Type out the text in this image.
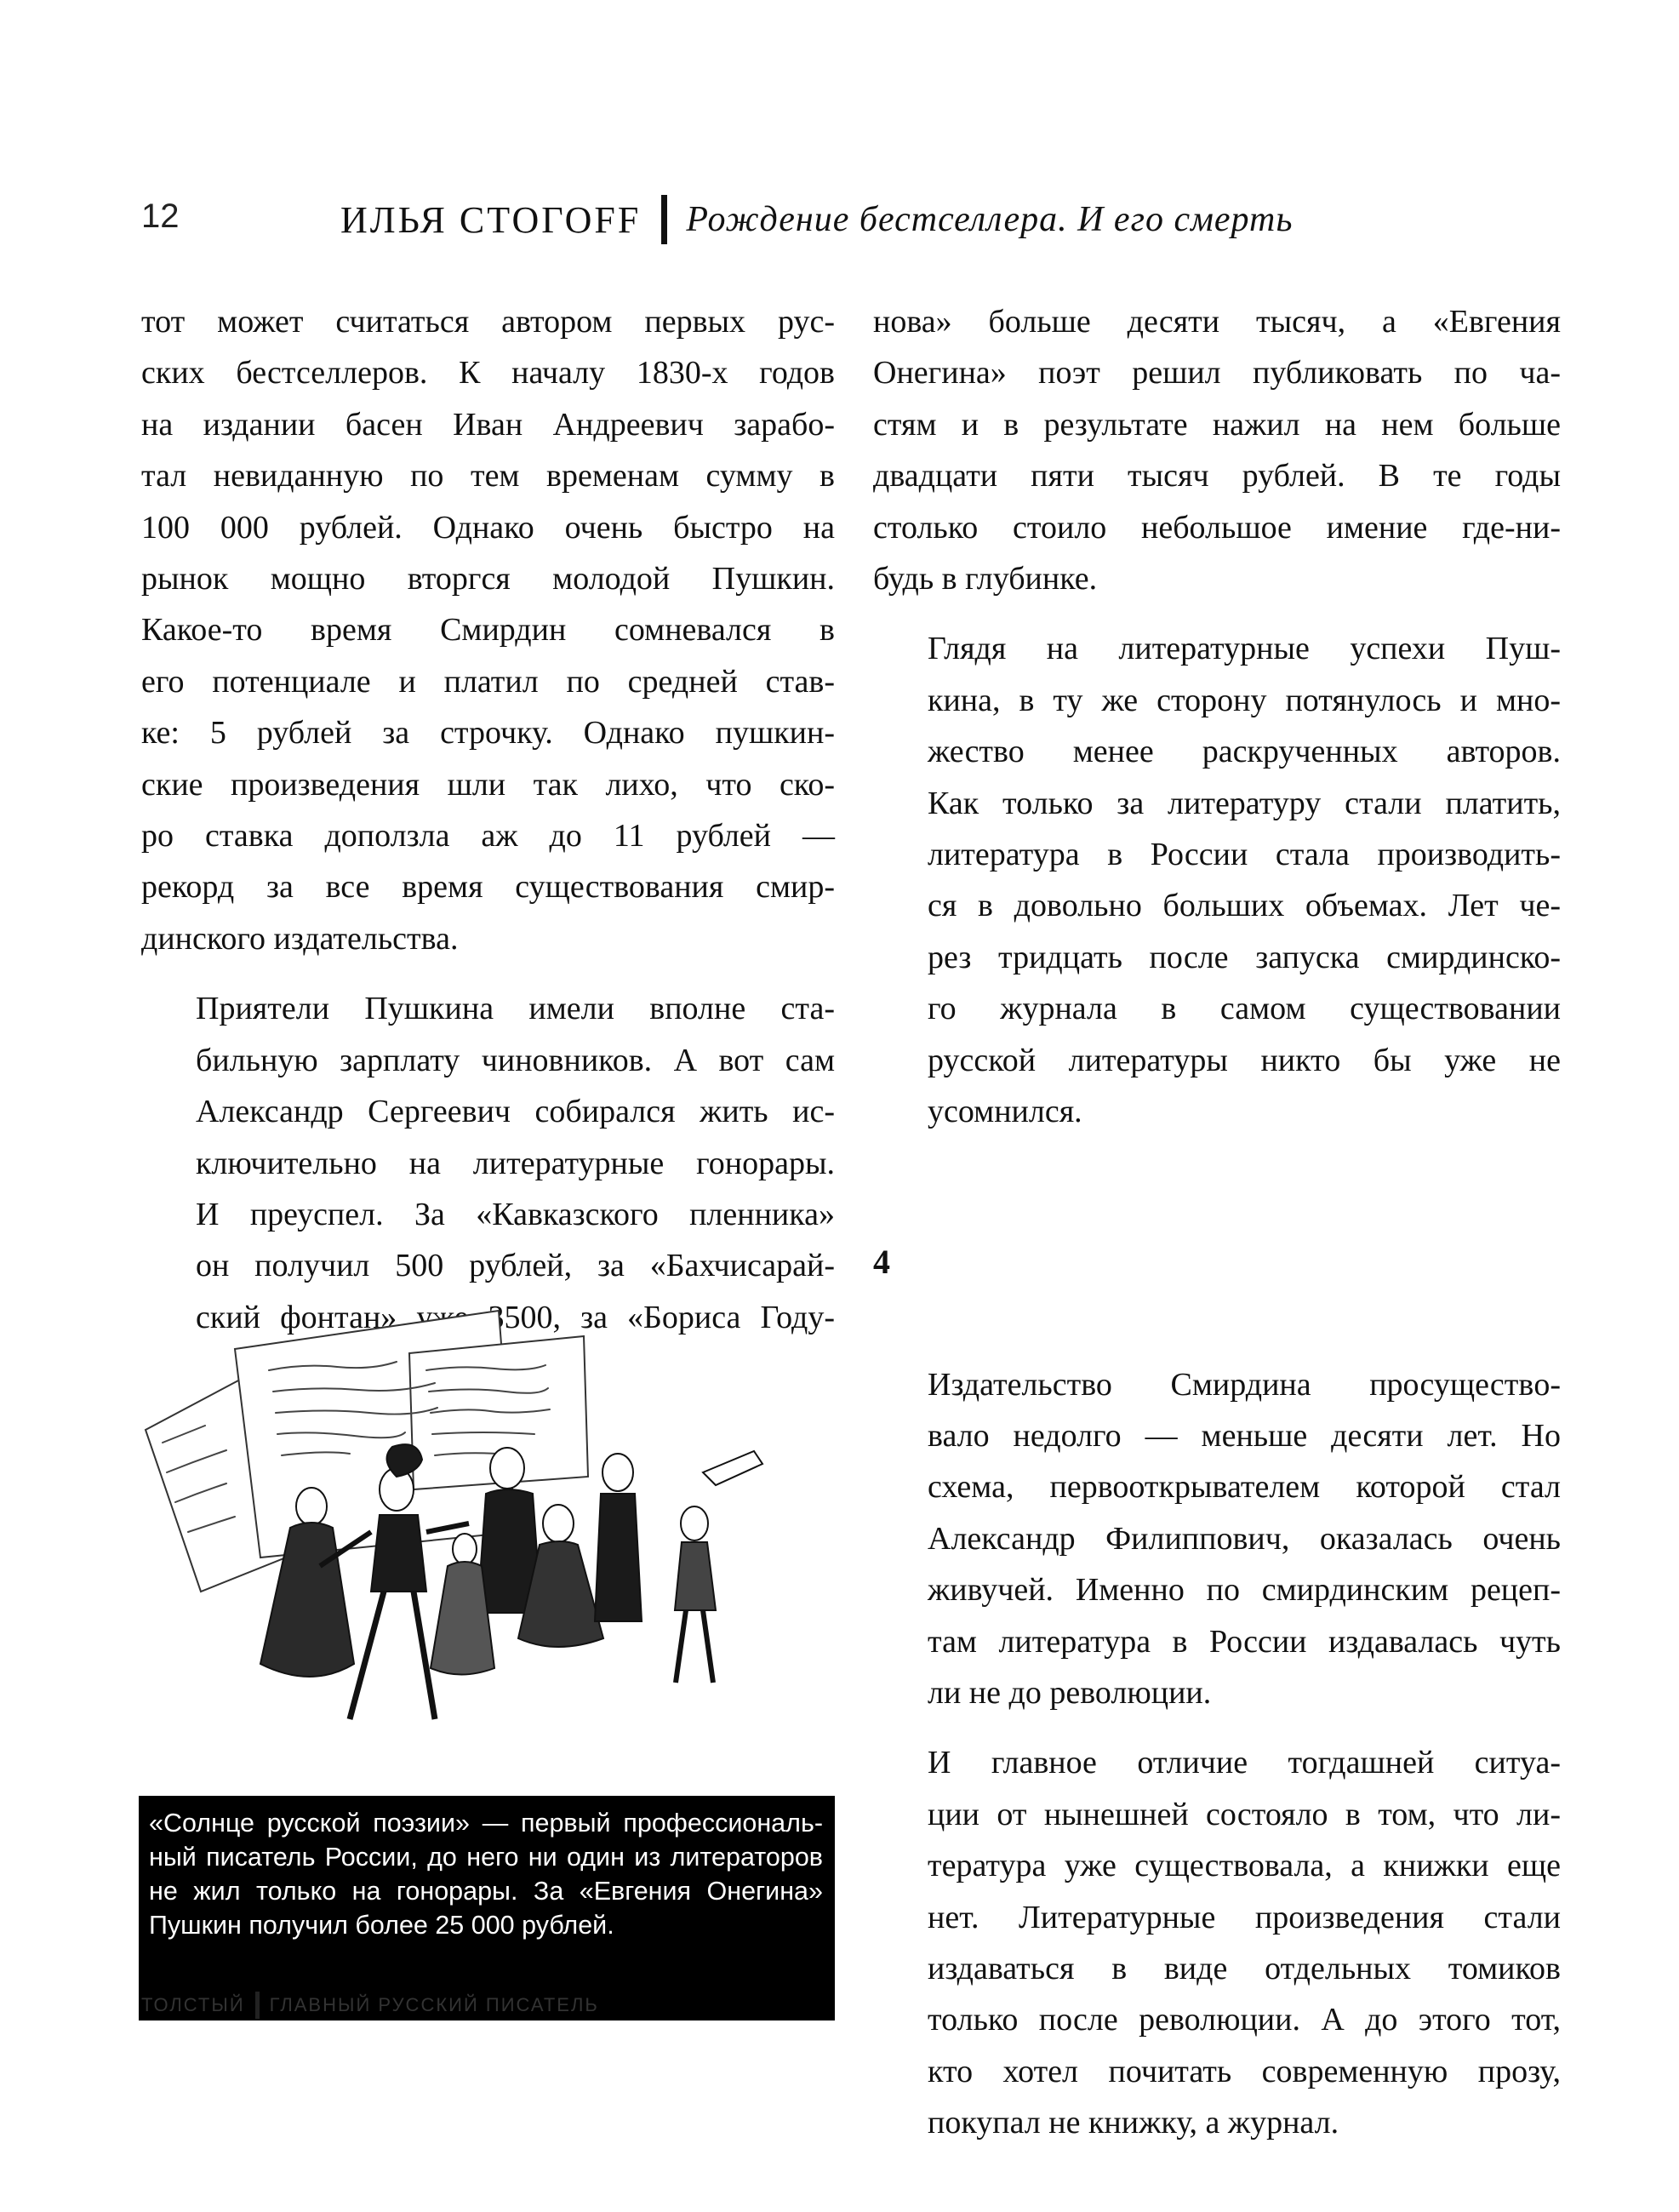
12	ИЛЬЯ СТОГОFF Рождение бестселлера. И его смерть

тот может считаться автором первых рус-
ских бестселлеров. К началу 1830-х годов
на издании басен Иван Андреевич зарабо-
тал невиданную по тем временам сумму в
100 000 рублей. Однако очень быстро на
рынок мощно вторгся молодой Пушкин.
Какое-то время Смирдин сомневался в
его потенциале и платил по средней став-
ке: 5 рублей за строчку. Однако пушкин-
ские произведения шли так лихо, что ско-
ро ставка доползла аж до 11 рублей —
рекорд за все время существования смир-
динского издательства.

Приятели Пушкина имели вполне ста-
бильную зарплату чиновников. А вот сам
Александр Сергеевич собирался жить ис-
ключительно на литературные гонорары.
И преуспел. За «Кавказского пленника»
он получил 500 рублей, за «Бахчисарай-
ский фонтан» уже 3500, за «Бориса Году-

нова» больше десяти тысяч, а «Евгения
Онегина» поэт решил публиковать по ча-
стям и в результате нажил на нем больше
двадцати пяти тысяч рублей. В те годы
столько стоило небольшое имение где-ни-
будь в глубинке.

Глядя на литературные успехи Пуш-
кина, в ту же сторону потянулось и мно-
жество менее раскрученных авторов.
Как только за литературу стали платить,
литература в России стала производить-
ся в довольно больших объемах. Лет че-
рез тридцать после запуска смирдинско-
го журнала в самом существовании
русской литературы никто бы уже не
усомнился.

4

Издательство Смирдина просуществo-
вало недолго — меньше десяти лет. Но
схема, первооткрывателем которой стал
Александр Филиппович, оказалась очень
живучей. Именно по смирдинским рецеп-
там литература в России издавалась чуть
ли не до революции.

И главное отличие тогдашней ситуа-
ции от нынешней состояло в том, что ли-
тература уже существовала, а книжки еще
нет. Литературные произведения стали
издаваться в виде отдельных томиков
только после революции. А до этого тот,
кто хотел почитать современную прозу,
покупал не книжку, а журнал.

«Солнце русской поэзии» — первый профессиональ-
ный писатель России, до него ни один из литераторов
не жил только на гонорары. За «Евгения Онегина»
Пушкин получил более 25 000 рублей.
ТОЛСТЫЙ ГЛАВНЫЙ РУССКИЙ ПИСАТЕЛЬ
